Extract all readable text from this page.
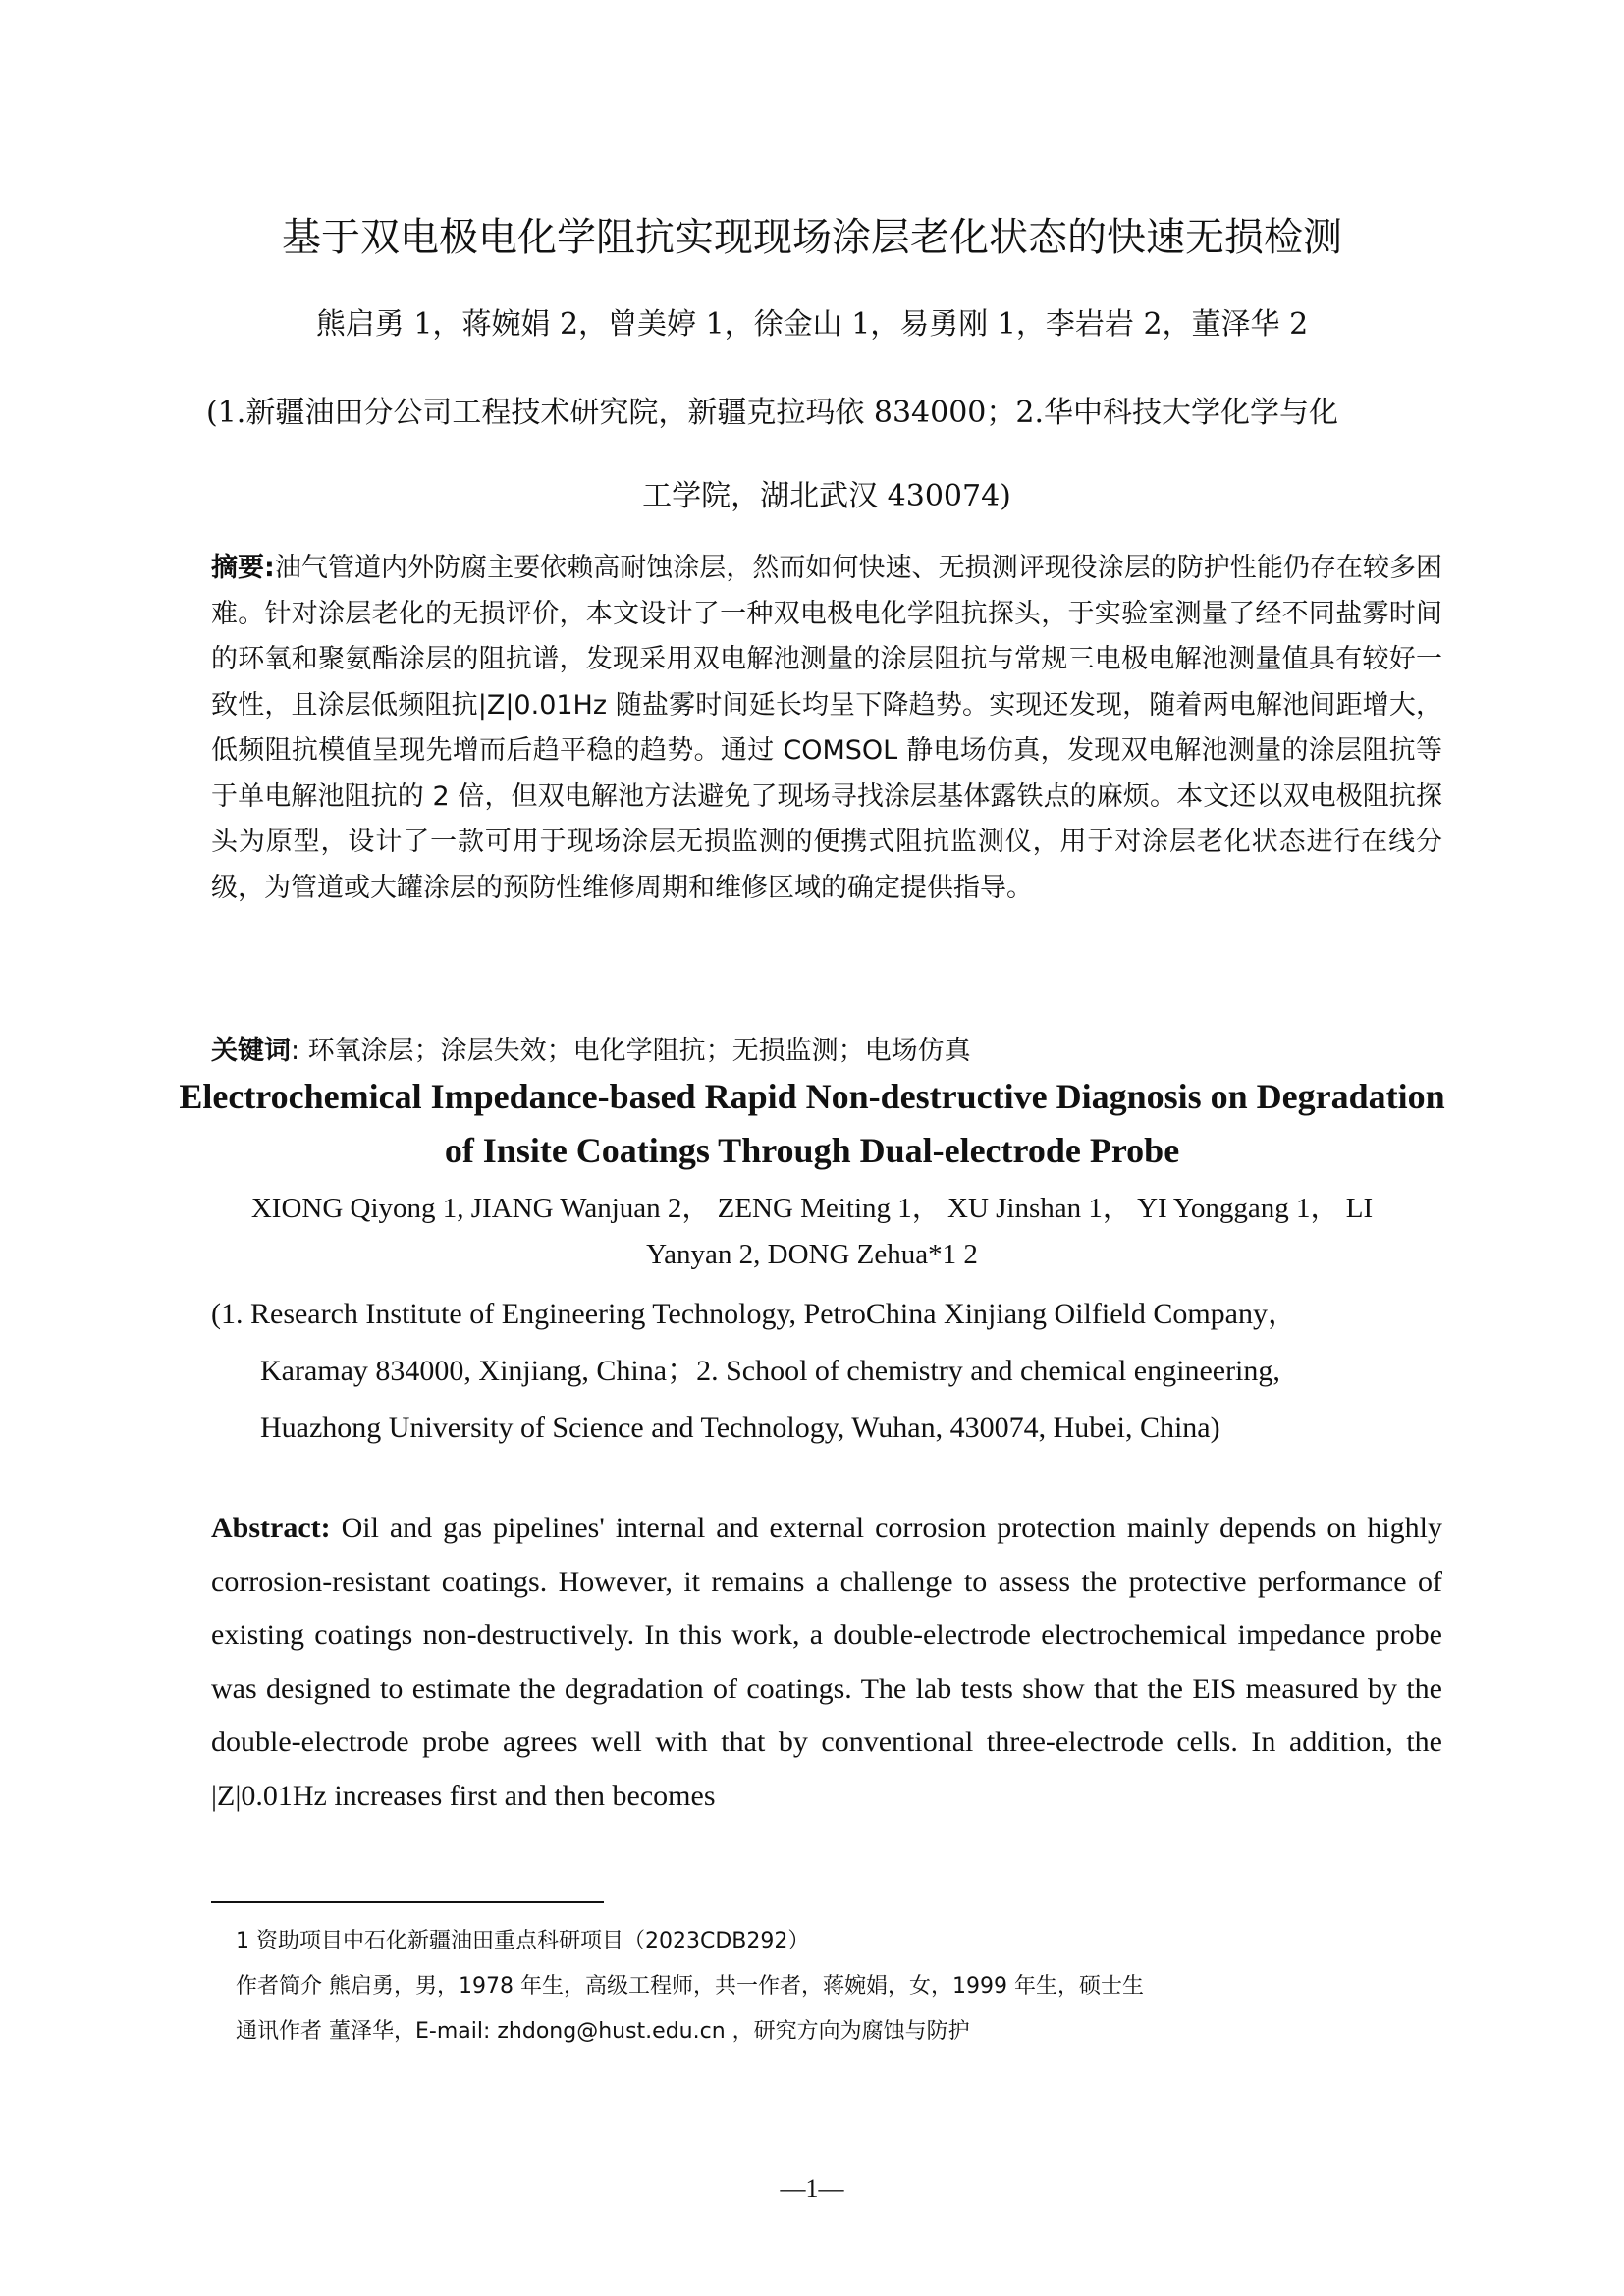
基于双电极电化学阻抗实现现场涂层老化状态的快速无损检测
熊启勇 1，蒋婉娟 2，曾美婷 1，徐金山 1，易勇刚 1，李岩岩 2，董泽华 2
(1.新疆油田分公司工程技术研究院，新疆克拉玛依 834000；2.华中科技大学化学与化
工学院，湖北武汉 430074)
摘要:油气管道内外防腐主要依赖高耐蚀涂层，然而如何快速、无损测评现役涂层的防护性能仍存在较多困难。针对涂层老化的无损评价，本文设计了一种双电极电化学阻抗探头，于实验室测量了经不同盐雾时间的环氧和聚氨酯涂层的阻抗谱，发现采用双电解池测量的涂层阻抗与常规三电极电解池测量值具有较好一致性，且涂层低频阻抗|Z|0.01Hz 随盐雾时间延长均呈下降趋势。实现还发现，随着两电解池间距增大，低频阻抗模值呈现先增而后趋平稳的趋势。通过 COMSOL 静电场仿真，发现双电解池测量的涂层阻抗等于单电解池阻抗的 2 倍，但双电解池方法避免了现场寻找涂层基体露铁点的麻烦。本文还以双电极阻抗探头为原型，设计了一款可用于现场涂层无损监测的便携式阻抗监测仪，用于对涂层老化状态进行在线分级，为管道或大罐涂层的预防性维修周期和维修区域的确定提供指导。
关键词: 环氧涂层；涂层失效；电化学阻抗；无损监测；电场仿真
Electrochemical Impedance-based Rapid Non-destructive Diagnosis on Degradation of Insite Coatings Through Dual-electrode Probe
XIONG Qiyong 1, JIANG Wanjuan 2， ZENG Meiting 1， XU Jinshan 1， YI Yonggang 1， LI
Yanyan 2, DONG Zehua*1 2
(1. Research Institute of Engineering Technology, PetroChina Xinjiang Oilfield Company，
Karamay 834000, Xinjiang, China；2. School of chemistry and chemical engineering,
Huazhong University of Science and Technology, Wuhan, 430074, Hubei, China)
Abstract: Oil and gas pipelines' internal and external corrosion protection mainly depends on highly corrosion-resistant coatings. However, it remains a challenge to assess the protective performance of existing coatings non-destructively. In this work, a double-electrode electrochemical impedance probe was designed to estimate the degradation of coatings. The lab tests show that the EIS measured by the double-electrode probe agrees well with that by conventional three-electrode cells. In addition, the |Z|0.01Hz increases first and then becomes
1 资助项目中石化新疆油田重点科研项目（2023CDB292）
作者简介 熊启勇，男，1978 年生，高级工程师，共一作者，蒋婉娟，女，1999 年生，硕士生
通讯作者 董泽华，E-mail: zhdong@hust.edu.cn ，研究方向为腐蚀与防护
—1—
